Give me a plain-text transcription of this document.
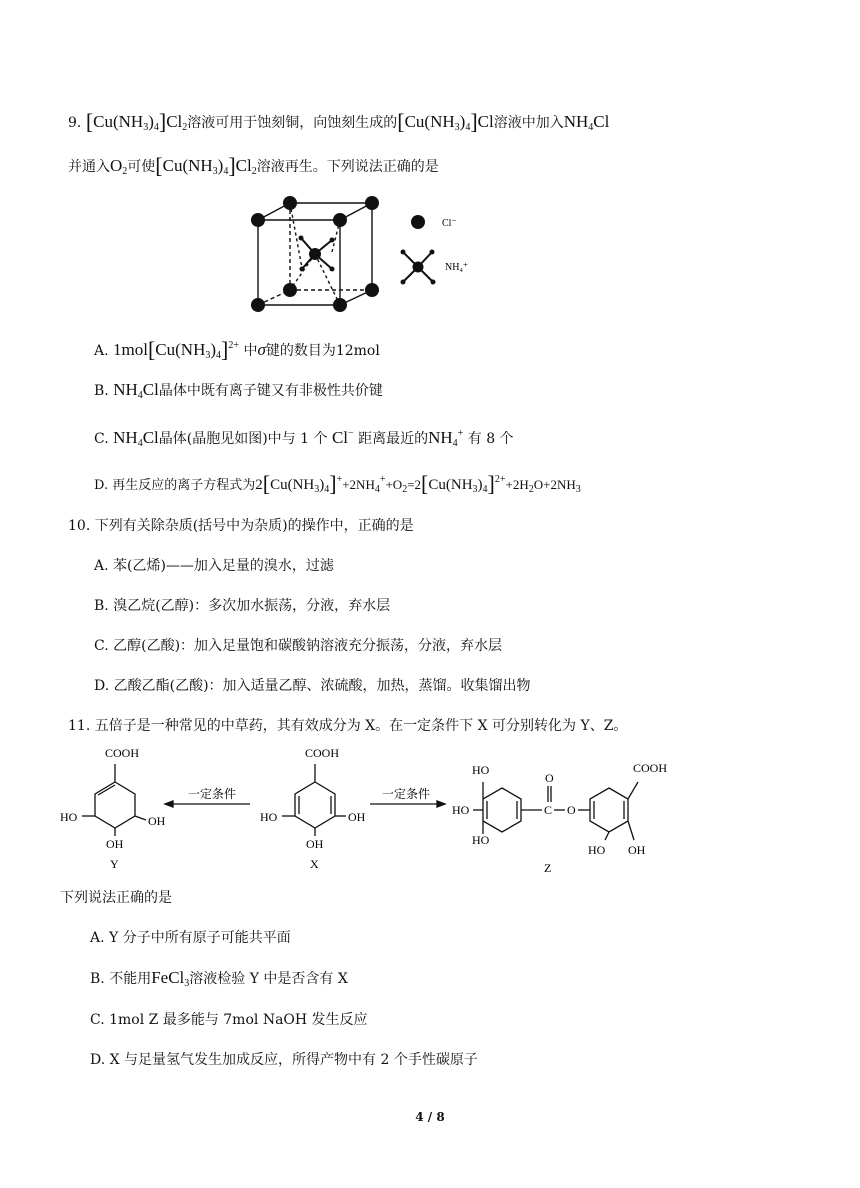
9. $[Cu(NH_3)_4]Cl_2$溶液可用于蚀刻铜，向蚀刻生成的$[Cu(NH_3)_4]Cl$溶液中加入$NH_4Cl$
并通入$O_2$可使$[Cu(NH_3)_4]Cl_2$溶液再生。下列说法正确的是
Cl⁻
NH₄⁺
A. $1mol[Cu(NH_3)_4]^{2+}$ 中σ键的数目为12mol
B. $NH_4Cl$晶体中既有离子键又有非极性共价键
C. $NH_4Cl$晶体(晶胞见如图)中与 1 个 Cl− 距离最近的$NH_4^+$ 有 8 个
D. 再生反应的离子方程式为$2[Cu(NH_3)_4]^++2NH_4^++O_2=2[Cu(NH_3)_4]^{2+}+2H_2O+2NH_3$
10. 下列有关除杂质(括号中为杂质)的操作中，正确的是
A. 苯(乙烯)——加入足量的溴水，过滤
B. 溴乙烷(乙醇)：多次加水振荡，分液，弃水层
C. 乙醇(乙酸)：加入足量饱和碳酸钠溶液充分振荡，分液，弃水层
D. 乙酸乙酯(乙酸)：加入适量乙醇、浓硫酸，加热，蒸馏。收集馏出物
11. 五倍子是一种常见的中草药，其有效成分为 X。在一定条件下 X 可分别转化为 Y、Z。
COOH
HO	OH
OH
Y
一定条件	一定条件
COOH
HO	OH
OH
X
HO
HO
HO
O
C O
COOH
HO OH
Z
下列说法正确的是
A. Y 分子中所有原子可能共平面
B. 不能用FeCl$_3$溶液检验 Y 中是否含有 X
C. 1mol Z 最多能与 7mol NaOH 发生反应
D. X 与足量氢气发生加成反应，所得产物中有 2 个手性碳原子
4 / 8
